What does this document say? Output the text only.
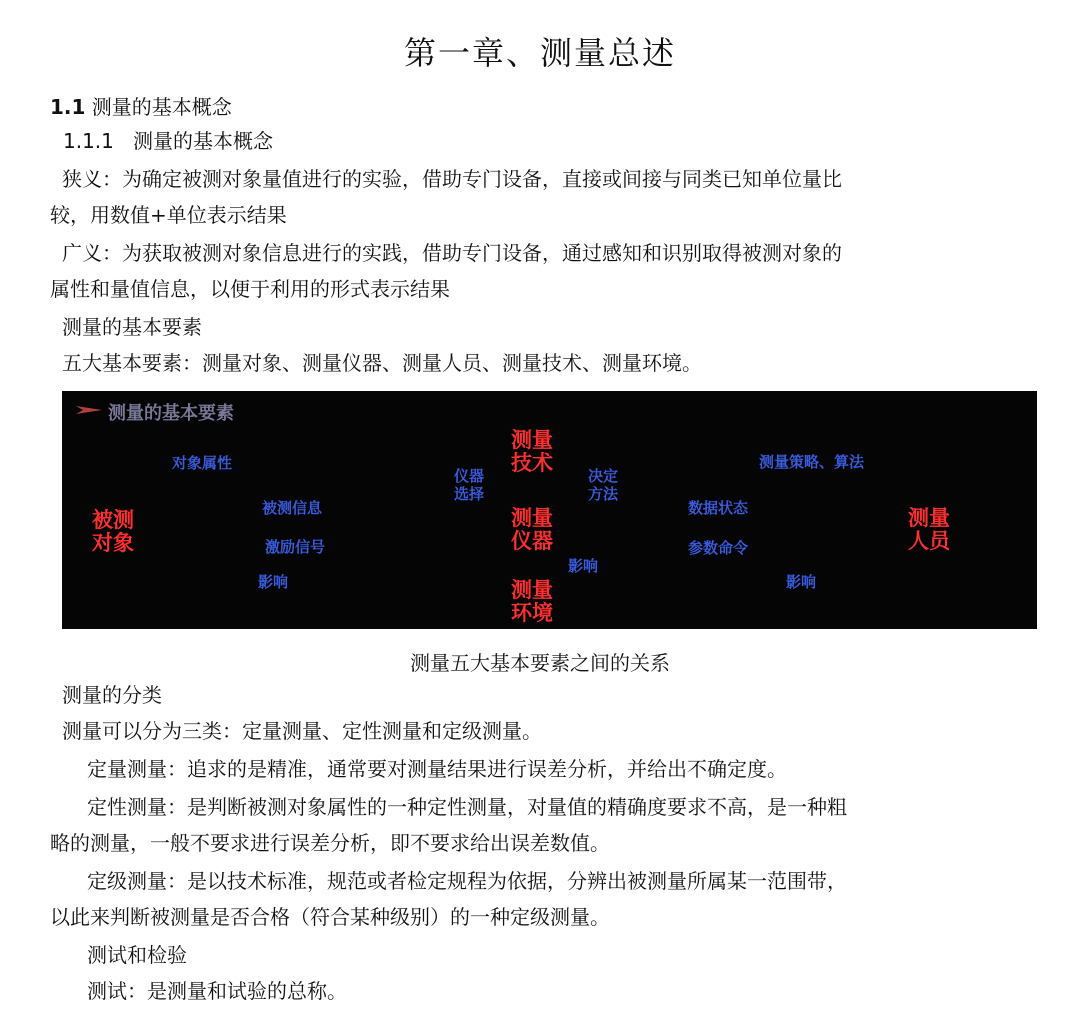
第一章、测量总述
1.1 测量的基本概念
1.1.1 测量的基本概念
狭义：为确定被测对象量值进行的实验，借助专门设备，直接或间接与同类已知单位量比
较，用数值+单位表示结果
广义：为获取被测对象信息进行的实践，借助专门设备，通过感知和识别取得被测对象的
属性和量值信息，以便于利用的形式表示结果
测量的基本要素
五大基本要素：测量对象、测量仪器、测量人员、测量技术、测量环境。
测量的基本要素
测量
技术
对象属性
仪器
选择
决定
方法
测量策略、算法
被测
对象
被测信息	测量
仪器
数据状态	测量
人员
激励信号	参数命令
影响
影响	测量
环境
影响
测量五大基本要素之间的关系
测量的分类
测量可以分为三类：定量测量、定性测量和定级测量。
定量测量：追求的是精准，通常要对测量结果进行误差分析，并给出不确定度。
定性测量：是判断被测对象属性的一种定性测量，对量值的精确度要求不高，是一种粗
略的测量，一般不要求进行误差分析，即不要求给出误差数值。
定级测量：是以技术标准，规范或者检定规程为依据，分辨出被测量所属某一范围带，
以此来判断被测量是否合格（符合某种级别）的一种定级测量。
测试和检验
测试：是测量和试验的总称。
